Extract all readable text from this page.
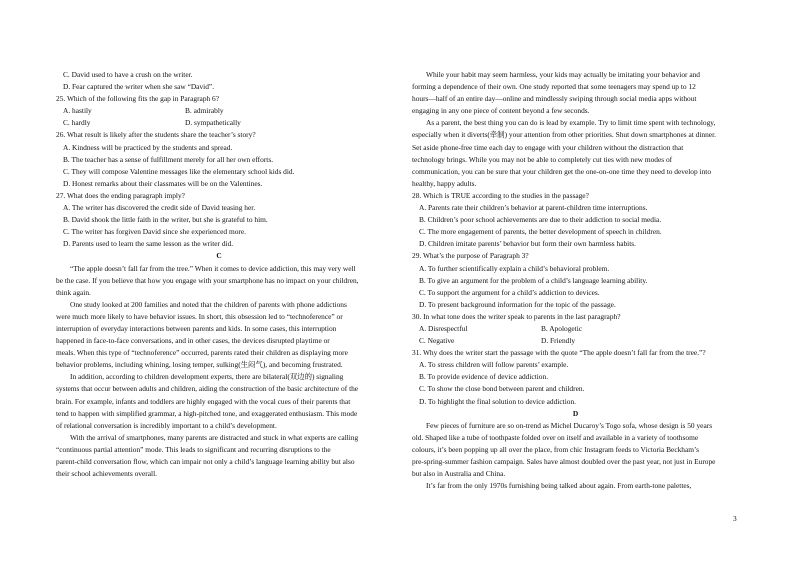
C. David used to have a crush on the writer.
D. Fear captured the writer when she saw “David”.
25. Which of the following fits the gap in Paragraph 6?
A. hastily	B. admirably
C. hardly	D. sympathetically
26. What result is likely after the students share the teacher’s story?
A. Kindness will be practiced by the students and spread.
B. The teacher has a sense of fulfillment merely for all her own efforts.
C. They will compose Valentine messages like the elementary school kids did.
D. Honest remarks about their classmates will be on the Valentines.
27. What does the ending paragraph imply?
A. The writer has discovered the credit side of David teasing her.
B. David shook the little faith in the writer, but she is grateful to him.
C. The writer has forgiven David since she experienced more.
D. Parents used to learn the same lesson as the writer did.
C
“The apple doesn’t fall far from the tree.” When it comes to device addiction, this may very well
be the case. If you believe that how you engage with your smartphone has no impact on your children,
think again.
One study looked at 200 families and noted that the children of parents with phone addictions
were much more likely to have behavior issues. In short, this obsession led to “technoference” or
interruption of everyday interactions between parents and kids. In some cases, this interruption
happened in face-to-face conversations, and in other cases, the devices disrupted playtime or
meals. When this type of “technoference” occurred, parents rated their children as displaying more
behavior problems, including whining, losing temper, sulking(生闷气), and becoming frustrated.
In addition, according to children development experts, there are bilateral(双边的) signaling
systems that occur between adults and children, aiding the construction of the basic architecture of the
brain. For example, infants and toddlers are highly engaged with the vocal cues of their parents that
tend to happen with simplified grammar, a high-pitched tone, and exaggerated enthusiasm. This mode
of relational conversation is incredibly important to a child’s development.
With the arrival of smartphones, many parents are distracted and stuck in what experts are calling
“continuous partial attention” mode. This leads to significant and recurring disruptions to the
parent-child conversation flow, which can impair not only a child’s language learning ability but also
their school achievements overall.
While your habit may seem harmless, your kids may actually be imitating your behavior and
forming a dependence of their own. One study reported that some teenagers may spend up to 12
hours—half of an entire day—online and mindlessly swiping through social media apps without
engaging in any one piece of content beyond a few seconds.
As a parent, the best thing you can do is lead by example. Try to limit time spent with technology,
especially when it diverts(牵制) your attention from other priorities. Shut down smartphones at dinner.
Set aside phone-free time each day to engage with your children without the distraction that
technology brings. While you may not be able to completely cut ties with new modes of
communication, you can be sure that your children get the one-on-one time they need to develop into
healthy, happy adults.
28. Which is TRUE according to the studies in the passage?
A. Parents rate their children’s behavior at parent-children time interruptions.
B. Children’s poor school achievements are due to their addiction to social media.
C. The more engagement of parents, the better development of speech in children.
D. Children imitate parents’ behavior but form their own harmless habits.
29. What’s the purpose of Paragraph 3?
A. To further scientifically explain a child’s behavioral problem.
B. To give an argument for the problem of a child’s language learning ability.
C. To support the argument for a child’s addiction to devices.
D. To present background information for the topic of the passage.
30. In what tone does the writer speak to parents in the last paragraph?
A. Disrespectful	B. Apologetic
C. Negative	D. Friendly
31. Why does the writer start the passage with the quote “The apple doesn’t fall far from the tree.”?
A. To stress children will follow parents’ example.
B. To provide evidence of device addiction.
C. To show the close bond between parent and children.
D. To highlight the final solution to device addiction.
D
Few pieces of furniture are so on-trend as Michel Ducaroy’s Togo sofa, whose design is 50 years
old. Shaped like a tube of toothpaste folded over on itself and available in a variety of toothsome
colours, it’s been popping up all over the place, from chic Instagram feeds to Victoria Beckham’s
pre-spring-summer fashion campaign. Sales have almost doubled over the past year, not just in Europe
but also in Australia and China.
It’s far from the only 1970s furnishing being talked about again. From earth-tone palettes,
3
